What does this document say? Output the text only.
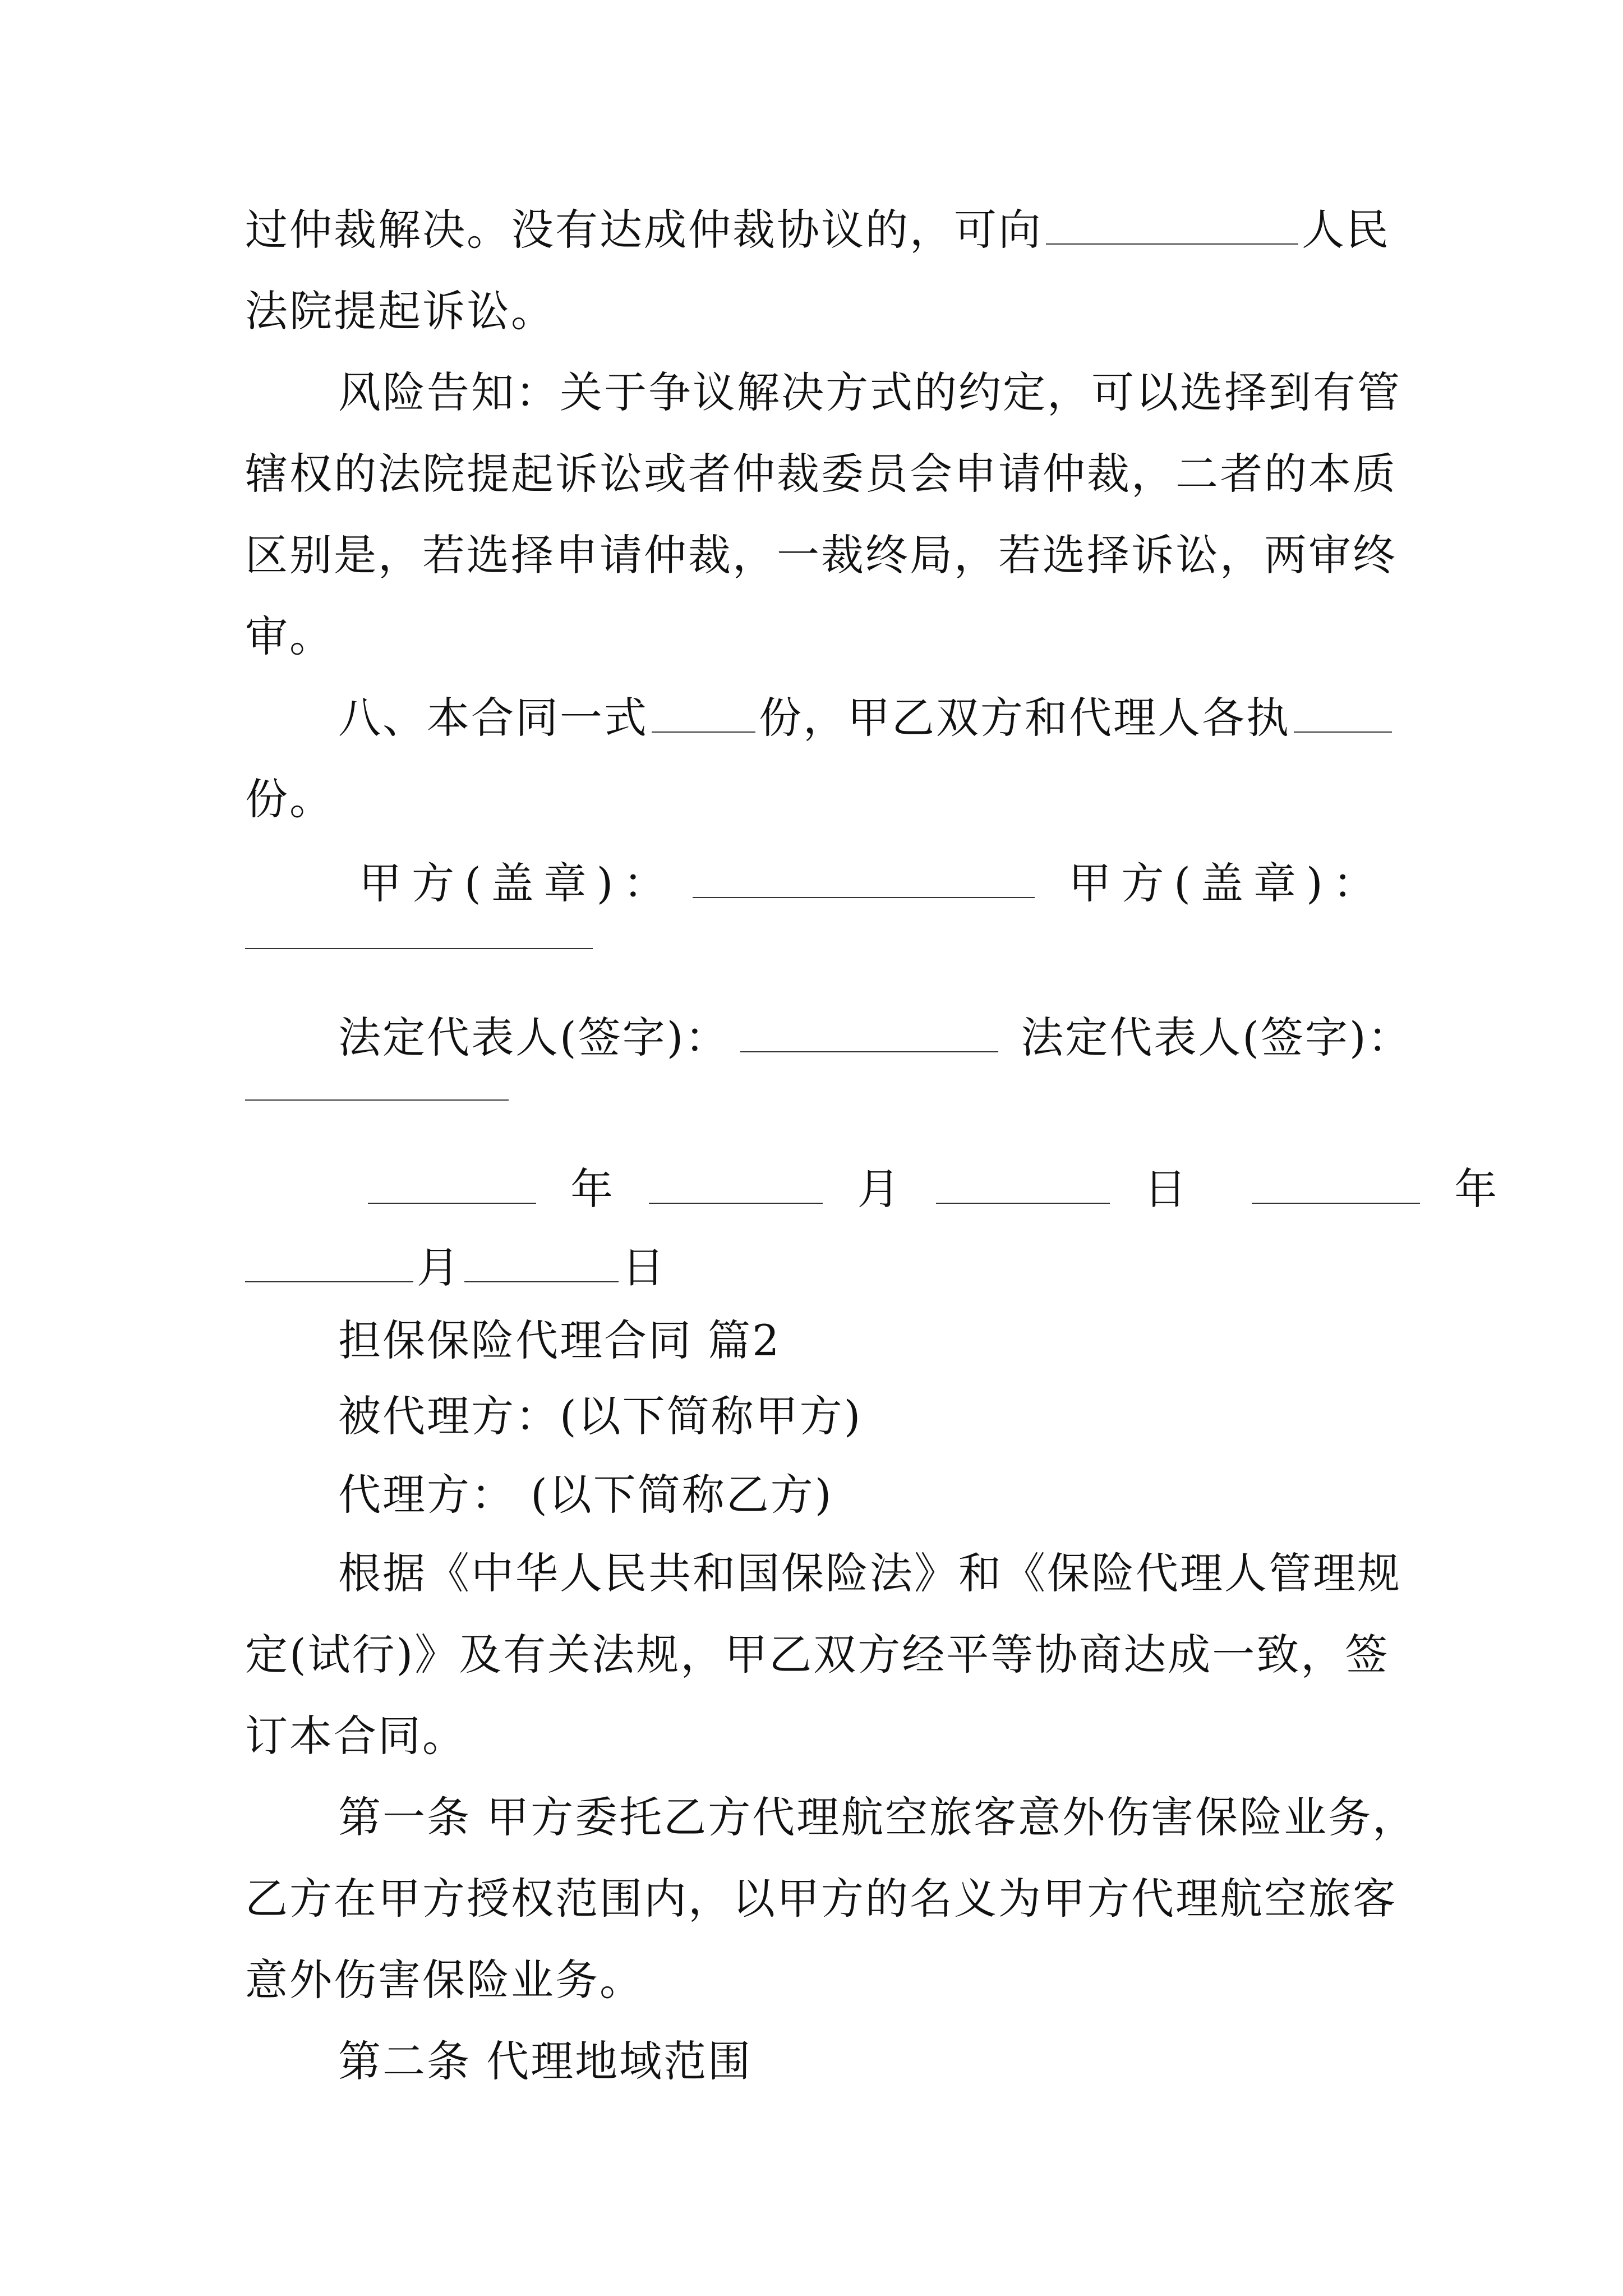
过仲裁解决。没有达成仲裁协议的，可向	人民
法院提起诉讼。
风险告知：关于争议解决方式的约定，可以选择到有管
辖权的法院提起诉讼或者仲裁委员会申请仲裁，二者的本质
区别是，若选择申请仲裁，一裁终局，若选择诉讼，两审终
审。
八、本合同一式	份，甲乙双方和代理人各执
份。
甲方(盖章)：	甲方(盖章)：
法定代表人(签字)：	法定代表人(签字)：
年	月	日	年
月	日
担保保险代理合同 篇2
被代理方：(以下简称甲方)
代理方： (以下简称乙方)
根据《中华人民共和国保险法》和《保险代理人管理规
定(试行)》及有关法规，甲乙双方经平等协商达成一致，签
订本合同。
第一条 甲方委托乙方代理航空旅客意外伤害保险业务，
乙方在甲方授权范围内，以甲方的名义为甲方代理航空旅客
意外伤害保险业务。
第二条 代理地域范围
